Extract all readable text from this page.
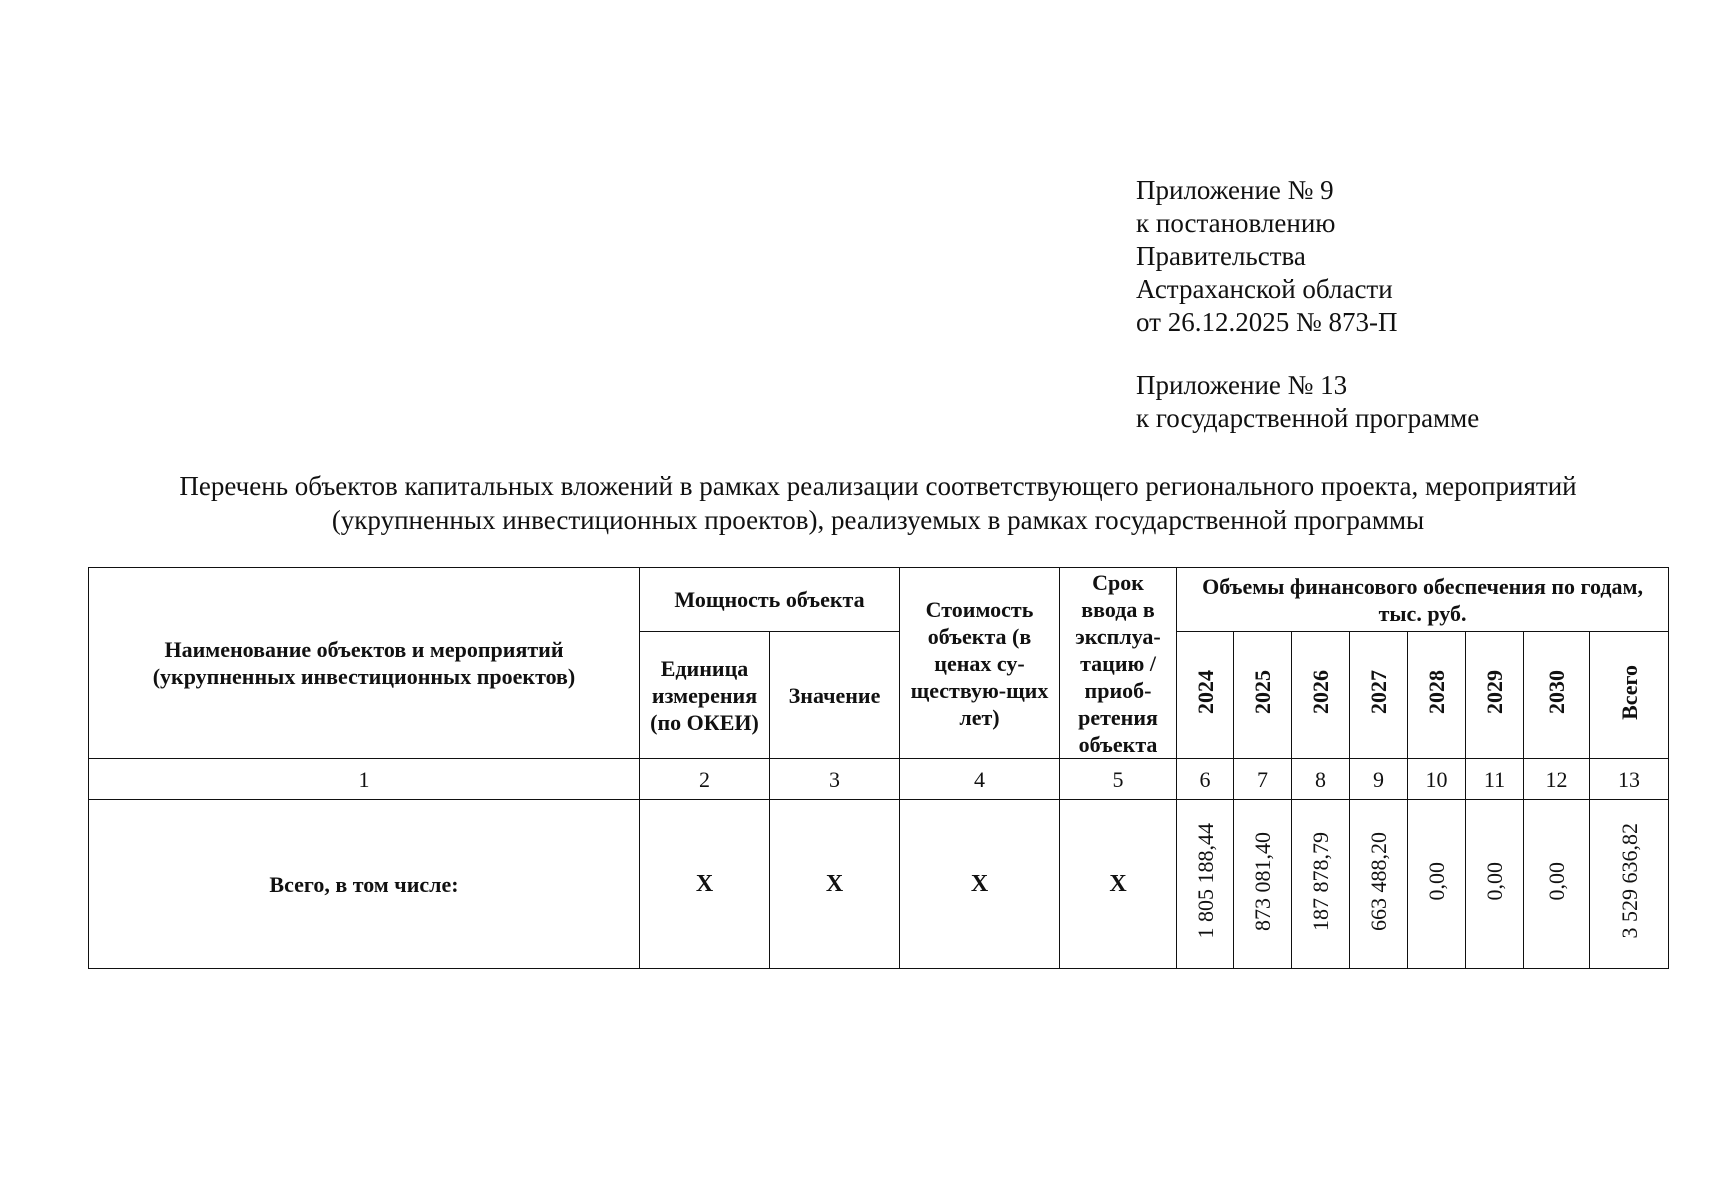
Приложение № 9
к постановлению
Правительства
Астраханской области
от 26.12.2025 № 873-П
Приложение № 13
к государственной программе
Перечень объектов капитальных вложений в рамках реализации соответствующего регионального проекта, мероприятий
(укрупненных инвестиционных проектов), реализуемых в рамках государственной программы
Наименование объектов и мероприятий (укрупненных инвестиционных проектов)	Мощность объекта		Стоимость объекта (в ценах су-ществую-щих лет)	Срок ввода в эксплуа-тацию / приоб-ретения объекта	Объемы финансового обеспечения по годам, тыс. руб.							
	Единица измерения (по ОКЕИ)	Значение			2024	2025	2026	2027	2028	2029	2030	Всего
1	2	3	4	5	6	7	8	9	10	11	12	13
Всего, в том числе:	Х	Х	Х	Х	1 805 188,44	873 081,40	187 878,79	663 488,20	0,00	0,00	0,00	3 529 636,82
